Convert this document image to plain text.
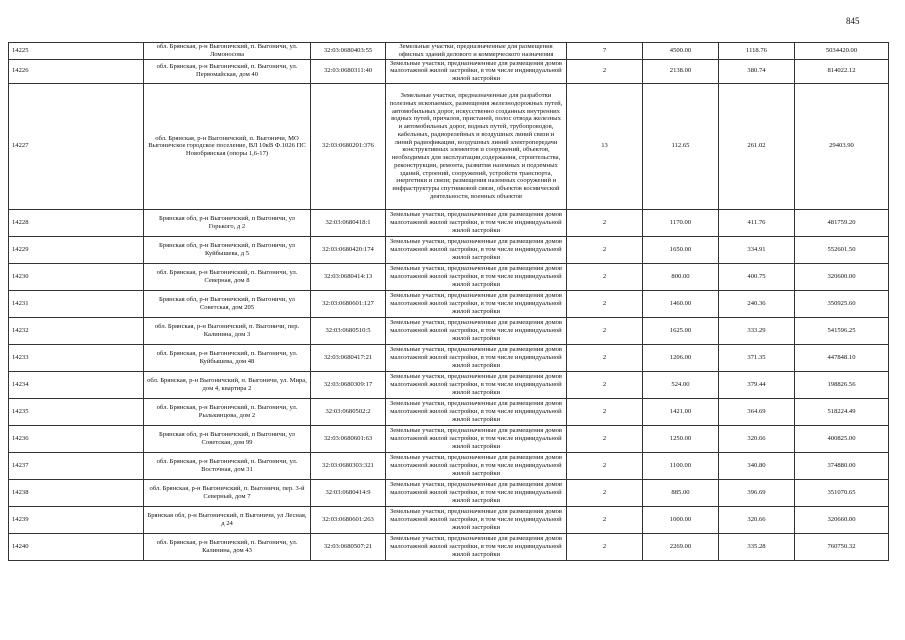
845
14225	обл. Брянская, р-н Выгоничский, п. Выгоничи, ул. Ломоносова	32:03:0680403:55	Земельные участки, предназначенные для размещения офисных зданий делового и коммерческого назначения	7	4500.00	1118.76	5034420.00
14226	обл. Брянская, р-н Выгоничский, п. Выгоничи, ул. Первомайская, дом 40	32:03:0680311:40	Земельные участки, предназначенные для размещения домов малоэтажной жилой застройки, в том числе индивидуальной жилой застройки	2	2138.00	380.74	814022.12
14227	обл. Брянская, р-н Выгоничский, п. Выгоничи, МО Выгоничское городское поселение, ВЛ 10кВ Ф.1026 ПС Новобрянская (опоры 1,6-17)	32:03:0680201:376	Земельные участки, предназначенные для разработки полезных ископаемых, размещения железнодорожных путей, автомобильных дорог, искусственно созданных внутренних водных путей, причалов, пристаней, полос отвода железных и автомобильных дорог, водных путей, трубопроводов, кабельных, радиорелейных и воздушных линий связи и линий радиофикации, воздушных линий электропередачи конструктивных элементов и сооружений, объектов, необходимых для эксплуатации,содержания, строительства, реконструкции, ремонта, развития наземных и подземных зданий, строений, сооружений, устройств транспорта, энергетики и связи; размещения наземных сооружений и инфраструктуры спутниковой связи, объектов космической деятельности, военных объектов	13	112.65	261.02	29403.90
14228	Брянская обл, р-н Выгоничский, п Выгоничи, ул Горького, д 2	32:03:0680418:1	Земельные участки, предназначенные для размещения домов малоэтажной жилой застройки, в том числе индивидуальной жилой застройки	2	1170.00	411.76	481759.20
14229	Брянская обл, р-н Выгоничский, п Выгоничи, ул Куйбышева, д 5	32:03:0680420:174	Земельные участки, предназначенные для размещения домов малоэтажной жилой застройки, в том числе индивидуальной жилой застройки	2	1650.00	334.91	552601.50
14230	обл. Брянская, р-н Выгоничский, п. Выгоничи, ул. Северная, дом 8	32:03:0680414:13	Земельные участки, предназначенные для размещения домов малоэтажной жилой застройки, в том числе индивидуальной жилой застройки	2	800.00	400.75	320600.00
14231	Брянская обл, р-н Выгоничский, п Выгоничи, ул Советская, дом 205	32:03:0680601:127	Земельные участки, предназначенные для размещения домов малоэтажной жилой застройки, в том числе индивидуальной жилой застройки	2	1460.00	240.36	350925.60
14232	обл. Брянская, р-н Выгоничский, п. Выгоничи, пер. Калинина, дом 3	32:03:0680510:5	Земельные участки, предназначенные для размещения домов малоэтажной жилой застройки, в том числе индивидуальной жилой застройки	2	1625.00	333.29	541596.25
14233	обл. Брянская, р-н Выгоничский, п. Выгоничи, ул. Куйбышева, дом 48	32:03:0680417:21	Земельные участки, предназначенные для размещения домов малоэтажной жилой застройки, в том числе индивидуальной жилой застройки	2	1206.00	371.35	447848.10
14234	обл. Брянская, р-н Выгоничский, п. Выгоничи, ул. Мира, дом 4, квартира 2	32:03:0680309:17	Земельные участки, предназначенные для размещения домов малоэтажной жилой застройки, в том числе индивидуальной жилой застройки	2	524.00	379.44	198826.56
14235	обл. Брянская, р-н Выгоничский, п. Выгоничи, ул. Рылькинцова, дом 2	32:03:0680502:2	Земельные участки, предназначенные для размещения домов малоэтажной жилой застройки, в том числе индивидуальной жилой застройки	2	1421.00	364.69	518224.49
14236	Брянская обл, р-н Выгоничский, п Выгоничи, ул Советская, дом 99	32:03:0680601:63	Земельные участки, предназначенные для размещения домов малоэтажной жилой застройки, в том числе индивидуальной жилой застройки	2	1250.00	320.66	400825.00
14237	обл. Брянская, р-н Выгоничский, п. Выгоничи, ул. Восточная, дом 31	32:03:0680303:321	Земельные участки, предназначенные для размещения домов малоэтажной жилой застройки, в том числе индивидуальной жилой застройки	2	1100.00	340.80	374880.00
14238	обл. Брянская, р-н Выгоничский, п. Выгоничи, пер. 3-й Северный, дом 7	32:03:0680414:9	Земельные участки, предназначенные для размещения домов малоэтажной жилой застройки, в том числе индивидуальной жилой застройки	2	885.00	396.69	351070.65
14239	Брянская обл, р-н Выгоничский, п Выгоничи, ул Лесная, д 24	32:03:0680601:263	Земельные участки, предназначенные для размещения домов малоэтажной жилой застройки, в том числе индивидуальной жилой застройки	2	1000.00	320.66	320660.00
14240	обл. Брянская, р-н Выгоничский, п. Выгоничи, ул. Калинина, дом 43	32:03:0680507:21	Земельные участки, предназначенные для размещения домов малоэтажной жилой застройки, в том числе индивидуальной жилой застройки	2	2269.00	335.28	760750.32
